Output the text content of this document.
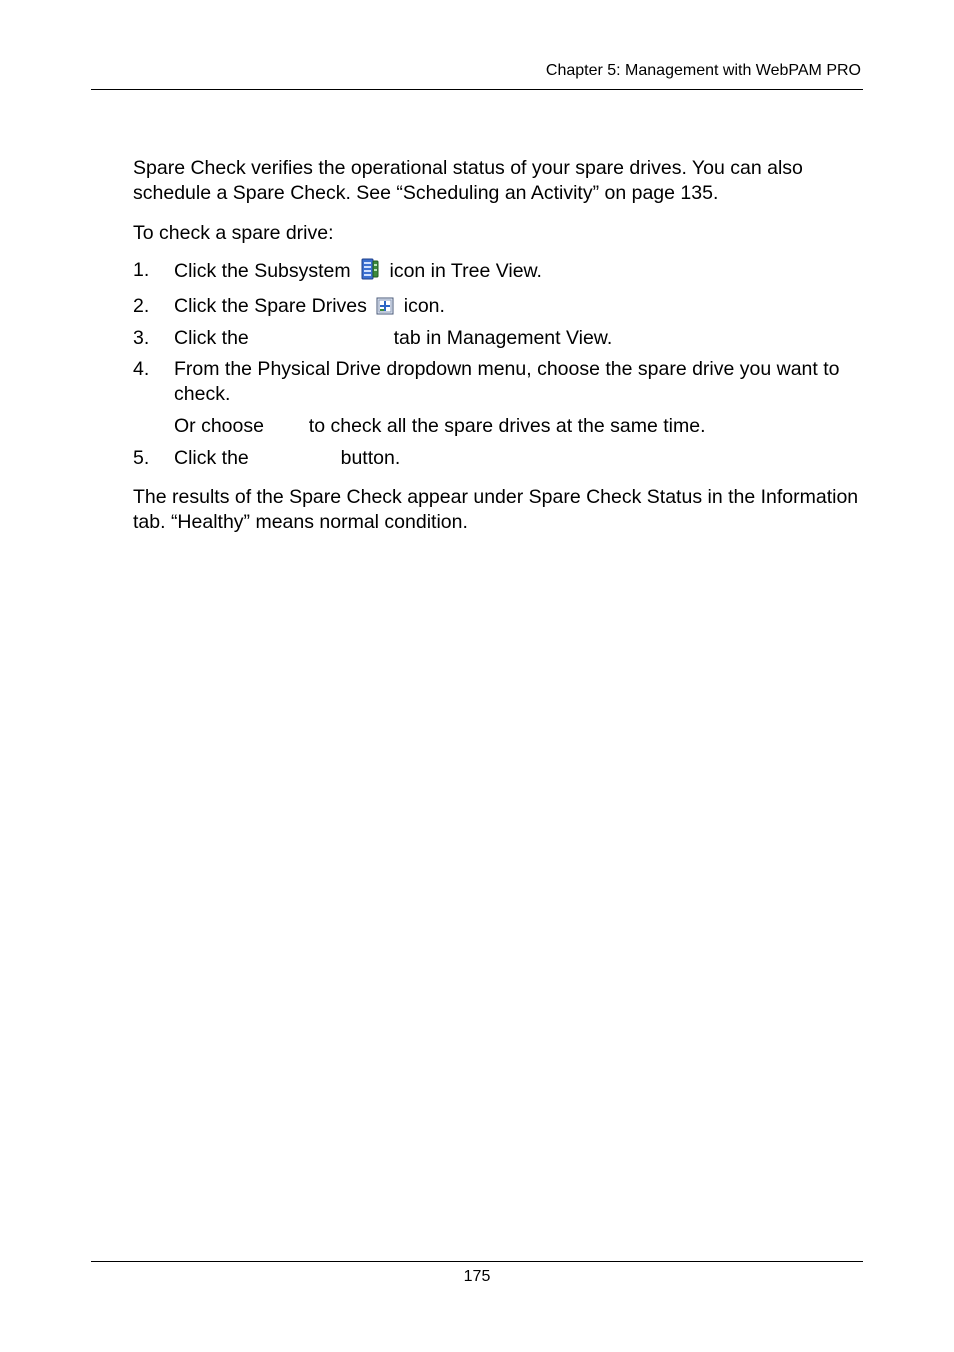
Chapter 5: Management with WebPAM PRO
Spare Check verifies the operational status of your spare drives. You can also schedule a Spare Check. See “Scheduling an Activity” on page 135.
To check a spare drive:
1. Click the Subsystem  icon in Tree View.
2. Click the Spare Drives  icon.
3. Click the	tab in Management View.
4. From the Physical Drive dropdown menu, choose the spare drive you want to check.
Or choose  to check all the spare drives at the same time.
5. Click the	button.
The results of the Spare Check appear under Spare Check Status in the Information tab. “Healthy” means normal condition.
175
